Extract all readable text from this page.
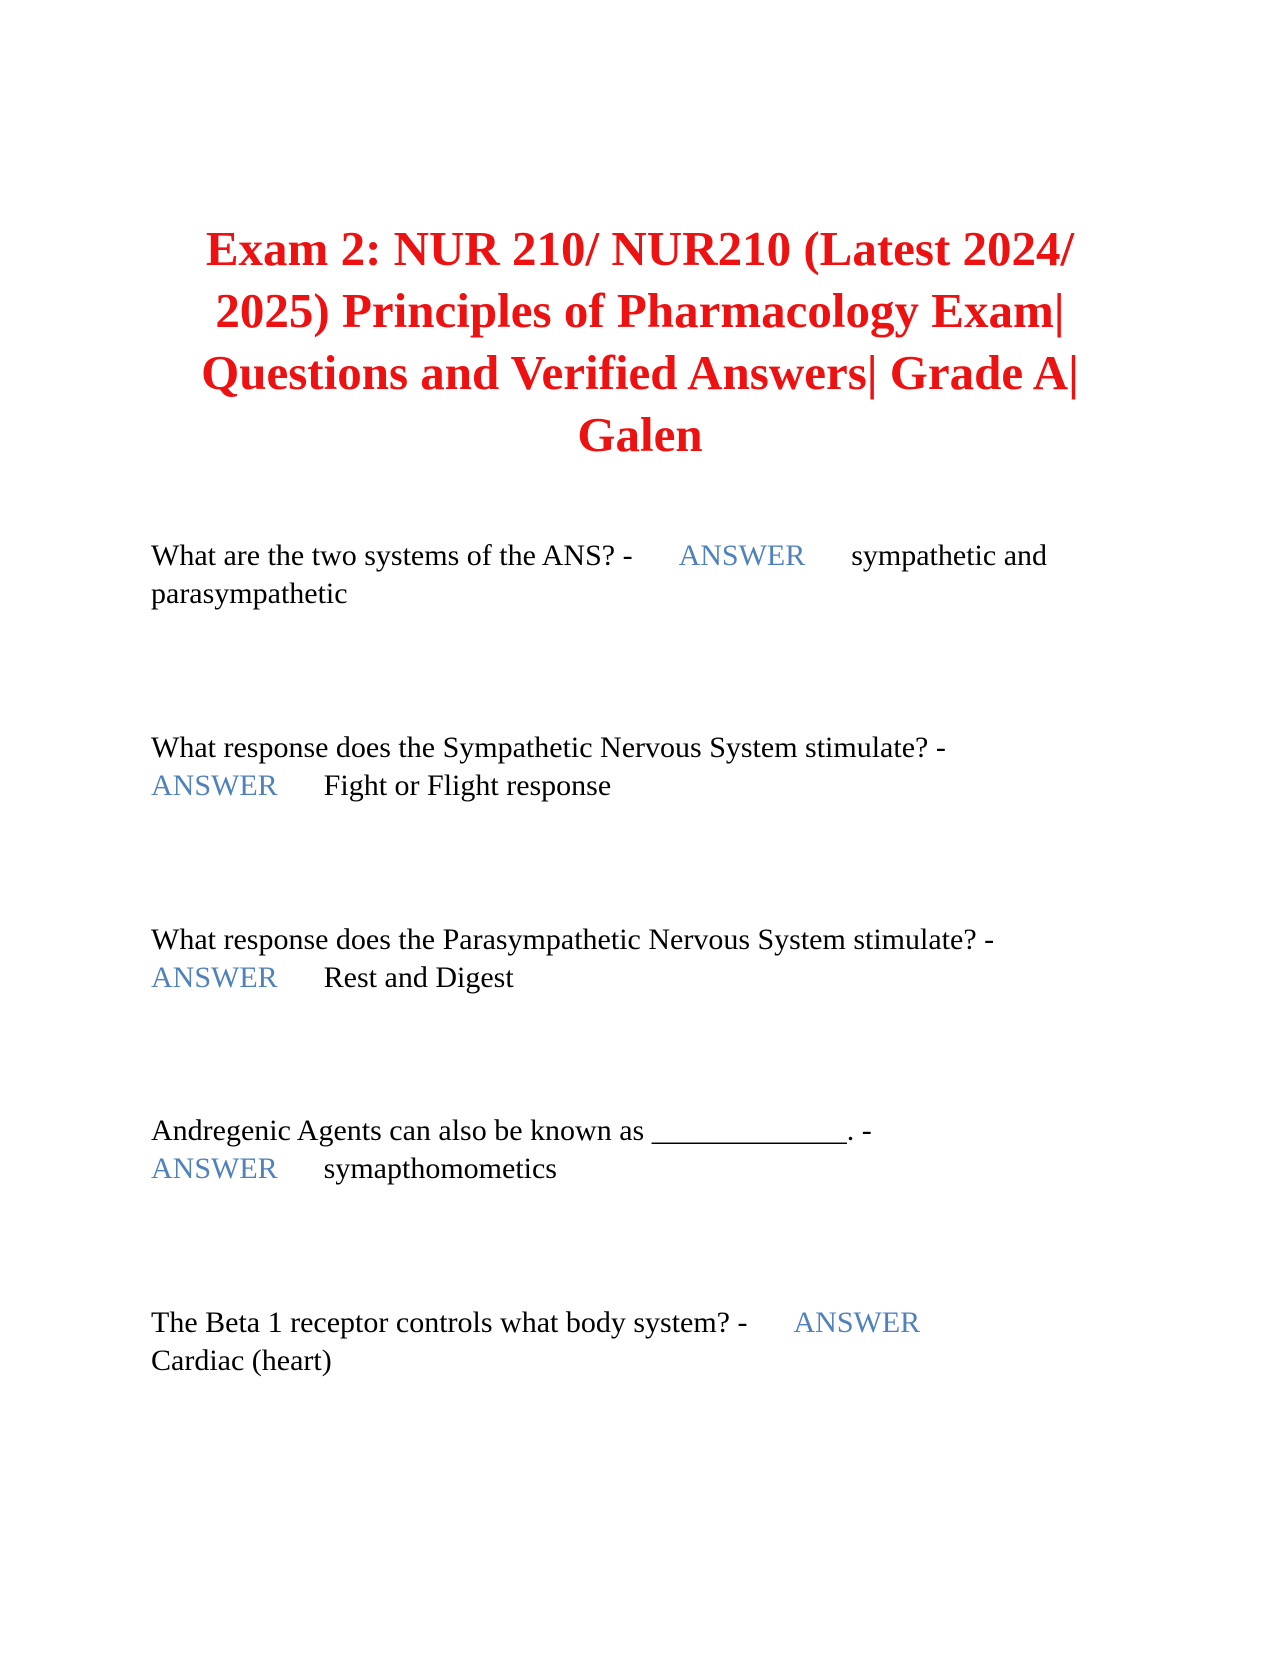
Exam 2: NUR 210/ NUR210 (Latest 2024/ 2025) Principles of Pharmacology Exam| Questions and Verified Answers| Grade A| Galen

What are the two systems of the ANS? - ANSWER sympathetic and parasympathetic

What response does the Sympathetic Nervous System stimulate? -
ANSWER Fight or Flight response

What response does the Parasympathetic Nervous System stimulate? -
ANSWER Rest and Digest

Andregenic Agents can also be known as _____________. -
ANSWER symapthomometics

The Beta 1 receptor controls what body system? - ANSWER
Cardiac (heart)
